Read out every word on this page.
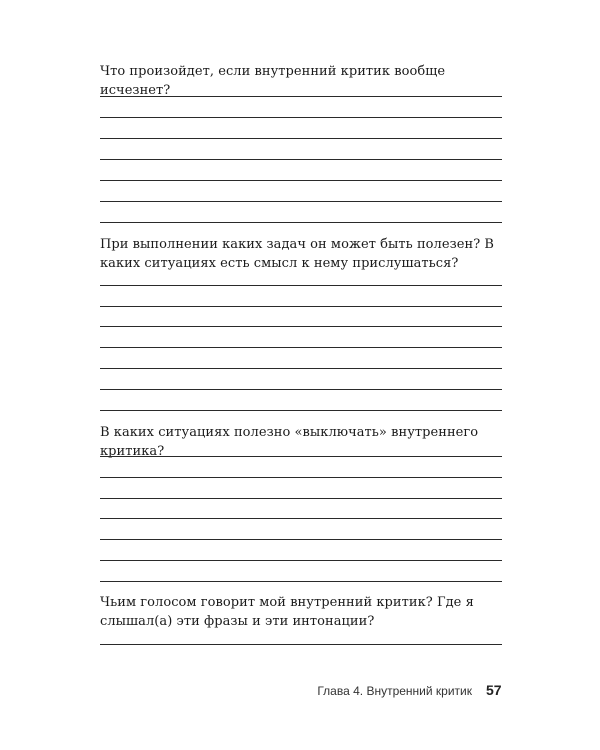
Что произойдет, если внутренний критик вообще исчезнет?

При выполнении каких задач он может быть полезен? В каких ситуациях есть смысл к нему прислушаться?

В каких ситуациях полезно «выключать» внутреннего критика?

Чьим голосом говорит мой внутренний критик? Где я слышал(а) эти фразы и эти интонации?

Глава 4. Внутренний критик 57
